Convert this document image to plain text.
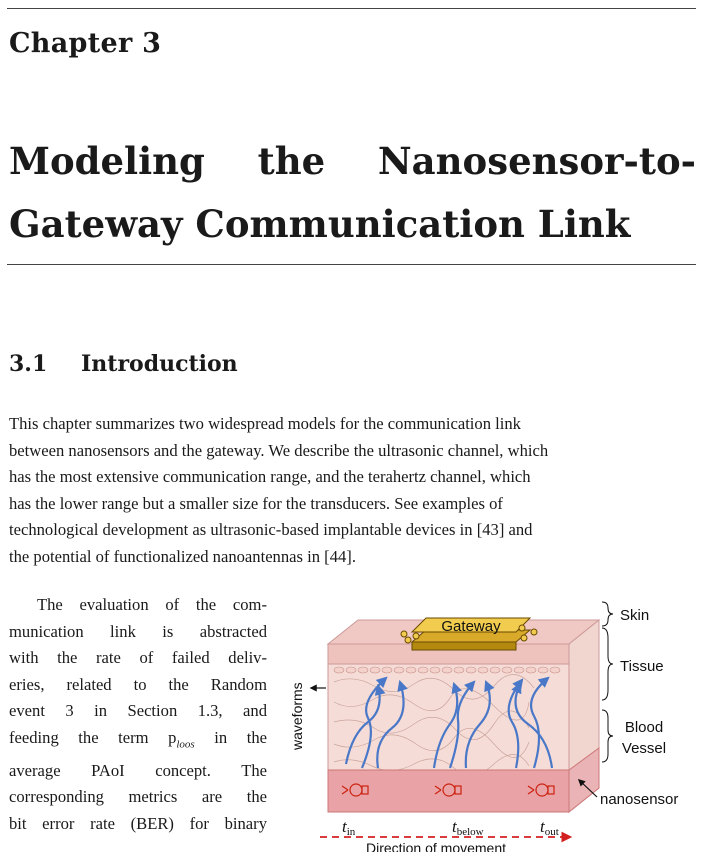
Chapter 3
Modeling the Nanosensor-to-
Gateway Communication Link
3.1 Introduction
This chapter summarizes two widespread models for the communication link
between nanosensors and the gateway. We describe the ultrasonic channel, which
has the most extensive communication range, and the terahertz channel, which
has the lower range but a smaller size for the transducers. See examples of
technological development as ultrasonic-based implantable devices in [43] and
the potential of functionalized nanoantennas in [44].
The evaluation of the com-
munication link is abstracted
with the rate of failed deliv-
eries, related to the Random
event 3 in Section 1.3, and
feeding the term $p_{loos}$ in the
average PAoI concept. The
corresponding metrics are the
bit error rate (BER) for binary
Gateway
Skin
Tissue
Blood
Vessel
waveforms
nanosensor
tin	tbelow	tout
Direction of movement
